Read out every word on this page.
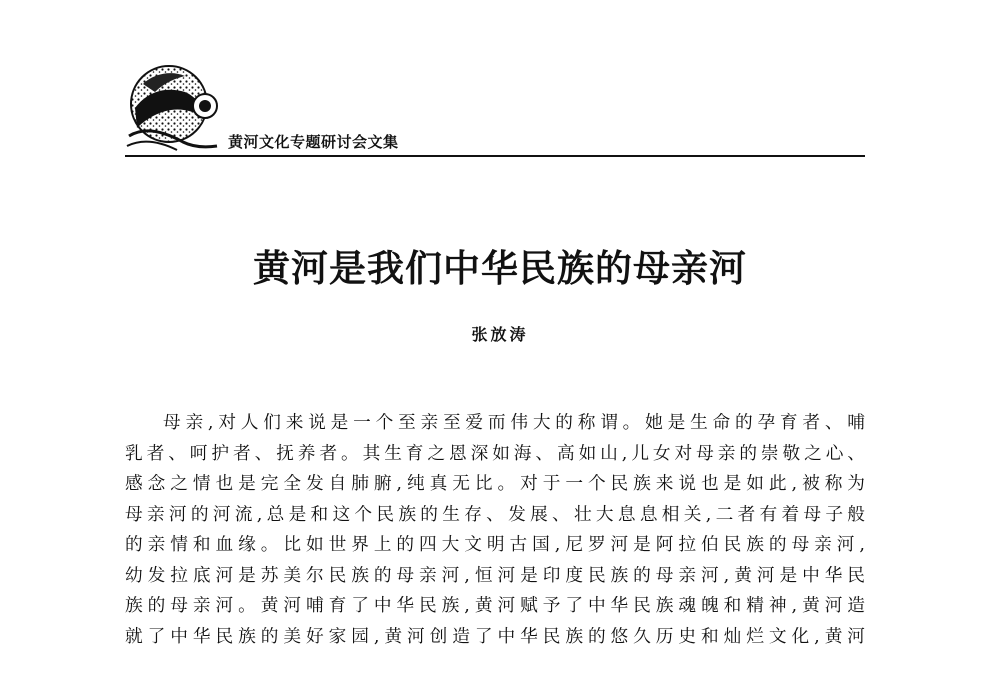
黄河文化专题研讨会文集
黄河是我们中华民族的母亲河
张放涛
母亲,对人们来说是一个至亲至爱而伟大的称谓。她是生命的孕育者、哺
乳者、呵护者、抚养者。其生育之恩深如海、高如山,儿女对母亲的崇敬之心、
感念之情也是完全发自肺腑,纯真无比。对于一个民族来说也是如此,被称为
母亲河的河流,总是和这个民族的生存、发展、壮大息息相关,二者有着母子般
的亲情和血缘。比如世界上的四大文明古国,尼罗河是阿拉伯民族的母亲河,
幼发拉底河是苏美尔民族的母亲河,恒河是印度民族的母亲河,黄河是中华民
族的母亲河。黄河哺育了中华民族,黄河赋予了中华民族魂魄和精神,黄河造
就了中华民族的美好家园,黄河创造了中华民族的悠久历史和灿烂文化,黄河
